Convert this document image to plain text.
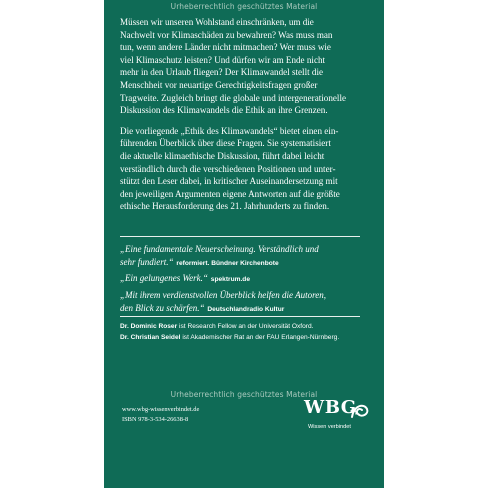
Urheberrechtlich geschütztes Material

Müssen wir unseren Wohlstand einschränken, um die
Nachwelt vor Klimaschäden zu bewahren? Was muss man
tun, wenn andere Länder nicht mitmachen? Wer muss wie
viel Klimaschutz leisten? Und dürfen wir am Ende nicht
mehr in den Urlaub fliegen? Der Klimawandel stellt die
Menschheit vor neuartige Gerechtigkeitsfragen großer
Tragweite. Zugleich bringt die globale und intergenerationelle
Diskussion des Klimawandels die Ethik an ihre Grenzen.

Die vorliegende „Ethik des Klimawandels“ bietet einen ein-
führenden Überblick über diese Fragen. Sie systematisiert
die aktuelle klimaethische Diskussion, führt dabei leicht
verständlich durch die verschiedenen Positionen und unter-
stützt den Leser dabei, in kritischer Auseinandersetzung mit
den jeweiligen Argumenten eigene Antworten auf die größte
ethische Herausforderung des 21. Jahrhunderts zu finden.

„Eine fundamentale Neuerscheinung. Verständlich und
sehr fundiert.“ reformiert. Bündner Kirchenbote
„Ein gelungenes Werk.“ spektrum.de
„Mit ihrem verdienstvollen Überblick helfen die Autoren,
den Blick zu schärfen.“ Deutschlandradio Kultur
Dr. Dominic Roser ist Research Fellow an der Universität Oxford.
Dr. Christian Seidel ist Akademischer Rat an der FAU Erlangen-Nürnberg.
Urheberrechtlich geschütztes Material
www.wbg-wissenverbindet.de
ISBN 978-3-534-26638-8
WBG
Wissen verbindet
